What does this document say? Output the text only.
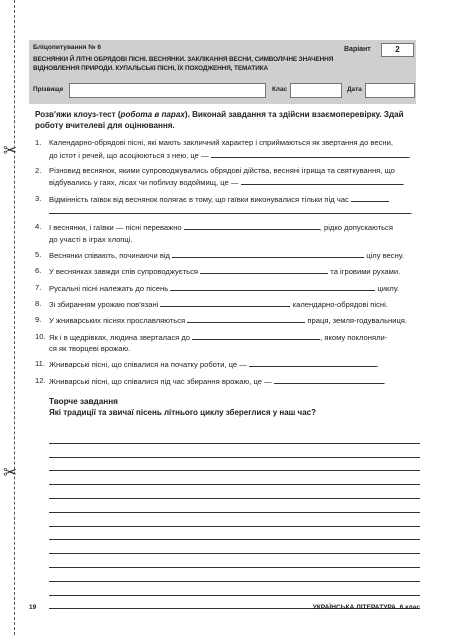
✂
✂
Бліцопитування № 6	Варіант	2
ВЕСНЯНКИ Й ЛІТНІ ОБРЯДОВІ ПІСНІ. ВЕСНЯНКИ. ЗАКЛІКАННЯ ВЕСНИ, СИМВОЛІЧНЕ ЗНАЧЕННЯ ВІДНОВЛЕННЯ ПРИРОДИ. КУПАЛЬСЬКІ ПІСНІ, ЇХ ПОХОДЖЕННЯ, ТЕМАТИКА
Прізвище	Клас	Дата
Розв'яжи клоуз-тест (робота в парах). Виконай завдання та здійсни взаємоперевірку. Здай роботу вчителеві для оцінювання.
1. Календарно-обрядові пісні, які мають закличний характер і сприймаються як звертання до весни,
до істот і речей, що асоціюються з нею, це —	.
2. Різновид веснянок, якими супроводжувались обрядові дійства, весняні ігрища та святкування, що
відбувались у гаях, лісах чи поблизу водоймищ, це —	.
3. Відмінність гаївок від веснянок полягає в тому, що гаївки виконувалися тільки під час
.
4. І веснянки, і гаївки — пісні переважно	, рідко допускаються
до участі в іграх хлопці.
5. Веснянки співають, починаючи від	цілу весну.
6. У веснянках завжди спів супроводжується	та ігровими рухами.
7. Русальні пісні належать до пісень	циклу.
8. Зі збиранням урожаю пов'язані	календарно-обрядові пісні.
9. У жниварських піснях прославляються	праця, земля-годувальниця.
10. Як і в щедрівках, людина зверталася до	, якому поклоняли-
ся як творцеві врожаю.
11. Жниварські пісні, що співалися на початку роботи, це —	.
12. Жниварські пісні, що співалися під час збирання врожаю, це —	.
Творче завдання
Які традиції та звичаї пісень літнього циклу збереглися у наш час?
19	УКРАЇНСЬКА ЛІТЕРАТУРА. 6 клас
